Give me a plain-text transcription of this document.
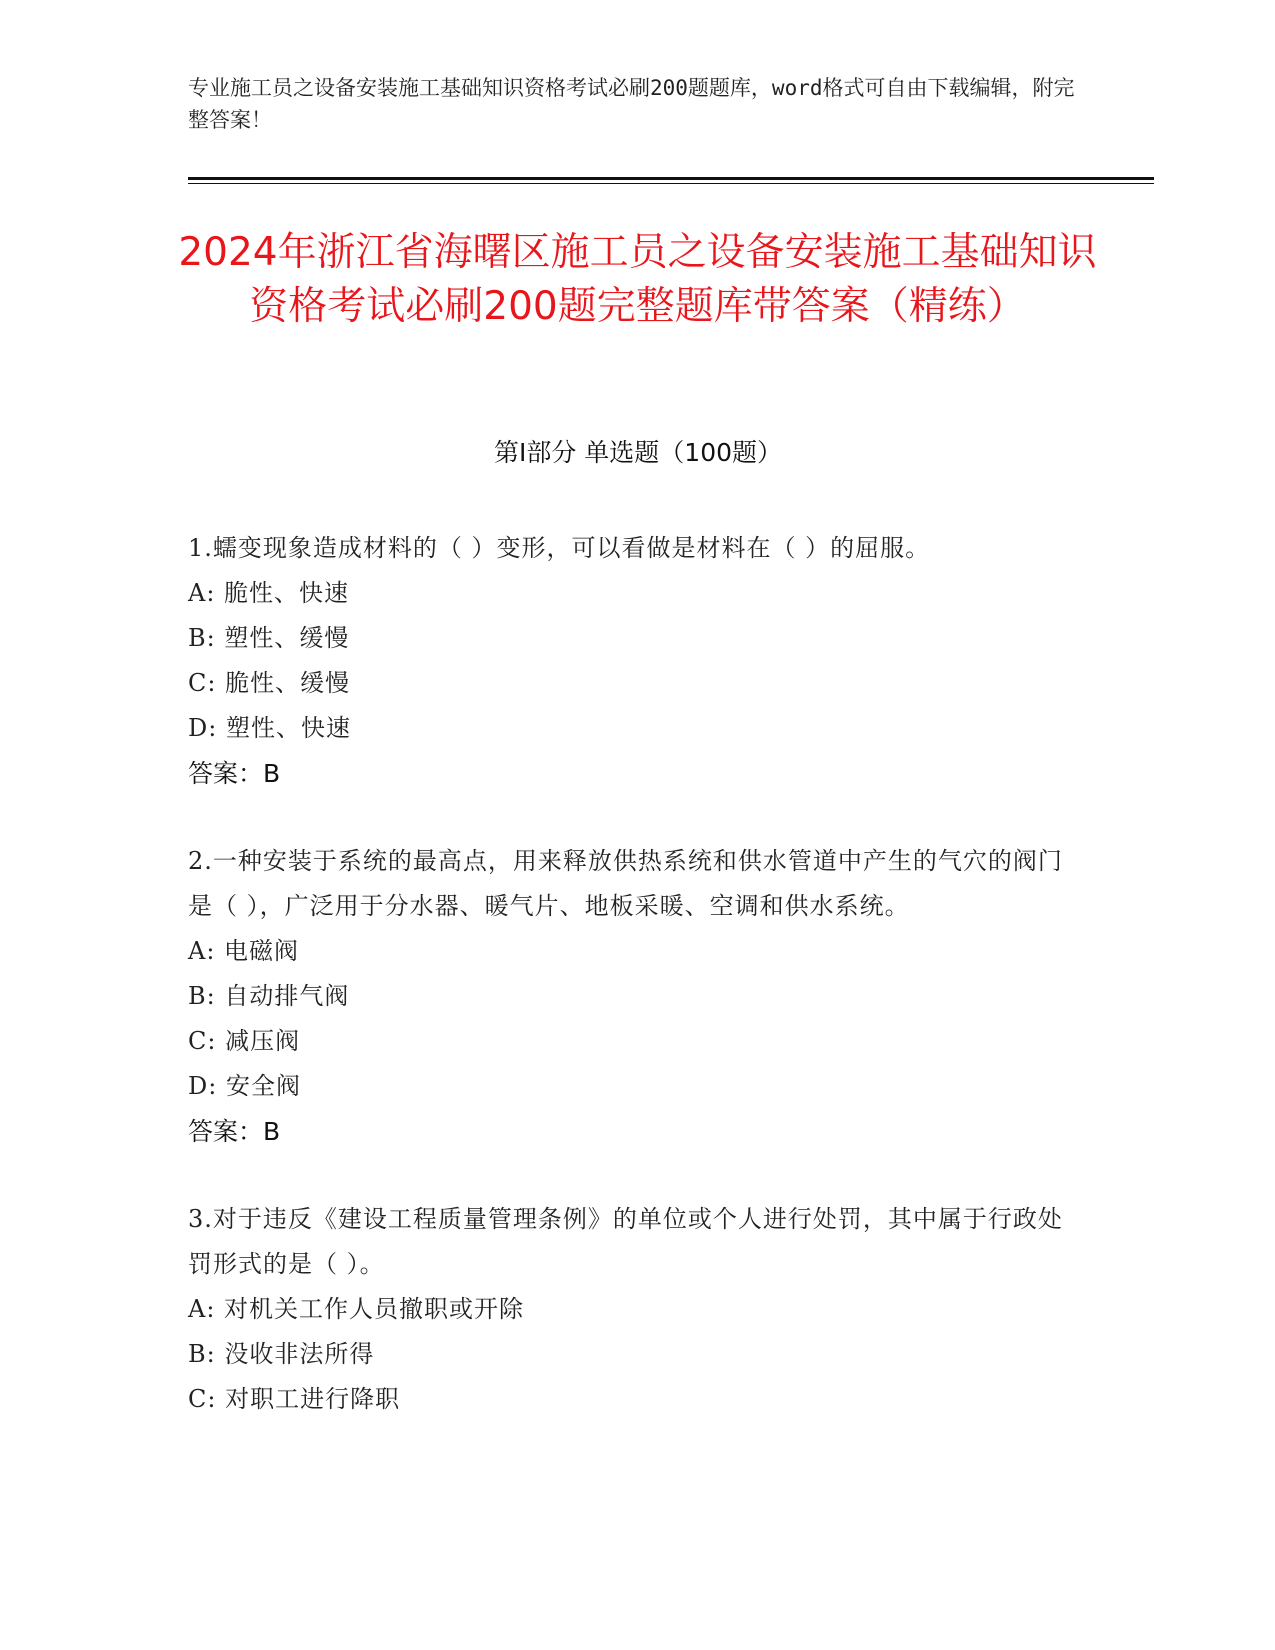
专业施工员之设备安装施工基础知识资格考试必刷200题题库，word格式可自由下载编辑，附完整答案！
2024年浙江省海曙区施工员之设备安装施工基础知识资格考试必刷200题完整题库带答案（精练）
第I部分 单选题（100题）
1.蠕变现象造成材料的（ ）变形，可以看做是材料在（ ）的屈服。
A: 脆性、快速
B: 塑性、缓慢
C: 脆性、缓慢
D: 塑性、快速
答案：B
2.一种安装于系统的最高点，用来释放供热系统和供水管道中产生的气穴的阀门是（ ），广泛用于分水器、暖气片、地板采暖、空调和供水系统。
A: 电磁阀
B: 自动排气阀
C: 减压阀
D: 安全阀
答案：B
3.对于违反《建设工程质量管理条例》的单位或个人进行处罚，其中属于行政处罚形式的是（ ）。
A: 对机关工作人员撤职或开除
B: 没收非法所得
C: 对职工进行降职
